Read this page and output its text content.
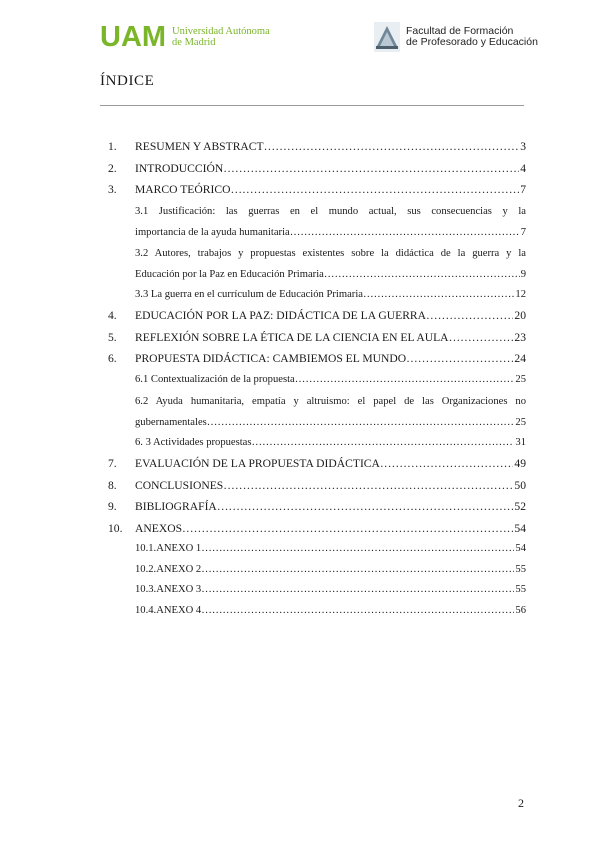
UAM Universidad Autónoma
de Madrid
Facultad de Formación
de Profesorado y Educación
ÍNDICE
1.	RESUMEN Y ABSTRACT …………………………………………………………………………………………………………………………………………………………	3
2.	INTRODUCCIÓN …………………………………………………………………………………………………………………………………………………………	4
3.	MARCO TEÓRICO …………………………………………………………………………………………………………………………………………………………	7
3.1 Justificación: las guerras en el mundo actual, sus consecuencias y la
importancia de la ayuda humanitaria …………………………………………………………………………………………………………………………………………………………	7
3.2 Autores, trabajos y propuestas existentes sobre la didáctica de la guerra y la
Educación por la Paz en Educación Primaria …………………………………………………………………………………………………………………………………………………………	9
3.3 La guerra en el currículum de Educación Primaria …………………………………………………………………………………………………………………………………………………………	12
4.	EDUCACIÓN POR LA PAZ: DIDÁCTICA DE LA GUERRA …………………………………………………………………………………………………………………………………………………………	20
5.	REFLEXIÓN SOBRE LA ÉTICA DE LA CIENCIA EN EL AULA …………………………………………………………………………………………………………………………………………………………	23
6.	PROPUESTA DIDÁCTICA: CAMBIEMOS EL MUNDO …………………………………………………………………………………………………………………………………………………………	24
6.1 Contextualización de la propuesta …………………………………………………………………………………………………………………………………………………………	25
6.2 Ayuda humanitaria, empatía y altruismo: el papel de las Organizaciones no
gubernamentales …………………………………………………………………………………………………………………………………………………………	25
6. 3 Actividades propuestas …………………………………………………………………………………………………………………………………………………………	31
7.	EVALUACIÓN DE LA PROPUESTA DIDÁCTICA …………………………………………………………………………………………………………………………………………………………	49
8.	CONCLUSIONES …………………………………………………………………………………………………………………………………………………………	50
9.	BIBLIOGRAFÍA …………………………………………………………………………………………………………………………………………………………	52
10.	ANEXOS …………………………………………………………………………………………………………………………………………………………	54
10.1.ANEXO 1 …………………………………………………………………………………………………………………………………………………………	54
10.2.ANEXO 2 …………………………………………………………………………………………………………………………………………………………	55
10.3.ANEXO 3 …………………………………………………………………………………………………………………………………………………………	55
10.4.ANEXO 4 …………………………………………………………………………………………………………………………………………………………	56
2
